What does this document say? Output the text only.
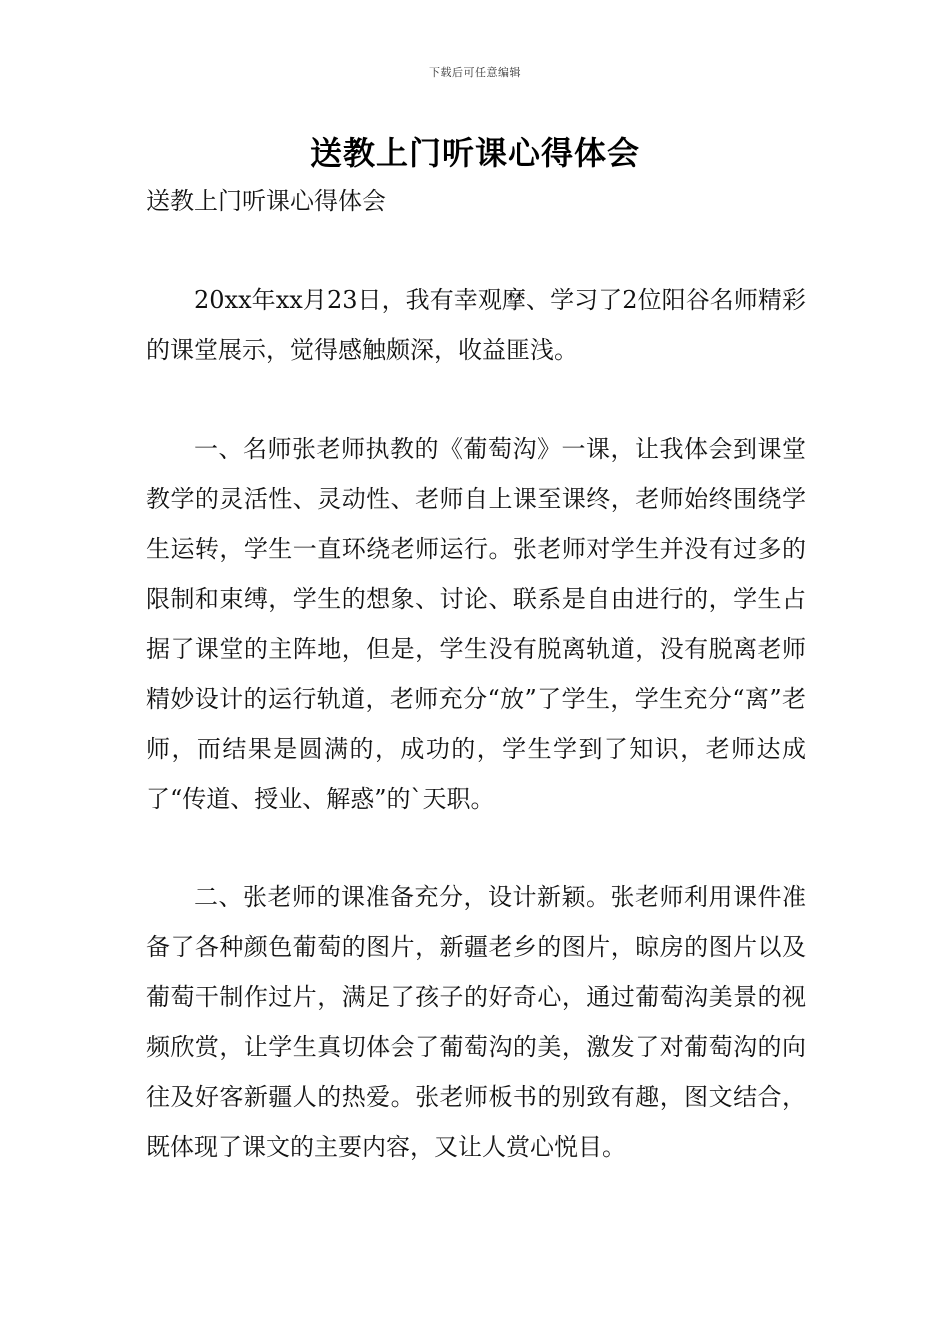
下载后可任意编辑
送教上门听课心得体会

送教上门听课心得体会

20xx年xx月23日，我有幸观摩、学习了2位阳谷名师精彩的课堂展示，觉得感触颇深，收益匪浅。

一、名师张老师执教的《葡萄沟》一课，让我体会到课堂教学的灵活性、灵动性、老师自上课至课终，老师始终围绕学生运转，学生一直环绕老师运行。张老师对学生并没有过多的限制和束缚，学生的想象、讨论、联系是自由进行的，学生占据了课堂的主阵地，但是，学生没有脱离轨道，没有脱离老师精妙设计的运行轨道，老师充分“放”了学生，学生充分“离”老师，而结果是圆满的，成功的，学生学到了知识，老师达成了“传道、授业、解惑”的`天职。

二、张老师的课准备充分，设计新颖。张老师利用课件准备了各种颜色葡萄的图片，新疆老乡的图片，晾房的图片以及葡萄干制作过片，满足了孩子的好奇心，通过葡萄沟美景的视频欣赏，让学生真切体会了葡萄沟的美，激发了对葡萄沟的向往及好客新疆人的热爱。张老师板书的别致有趣，图文结合，既体现了课文的主要内容，又让人赏心悦目。
